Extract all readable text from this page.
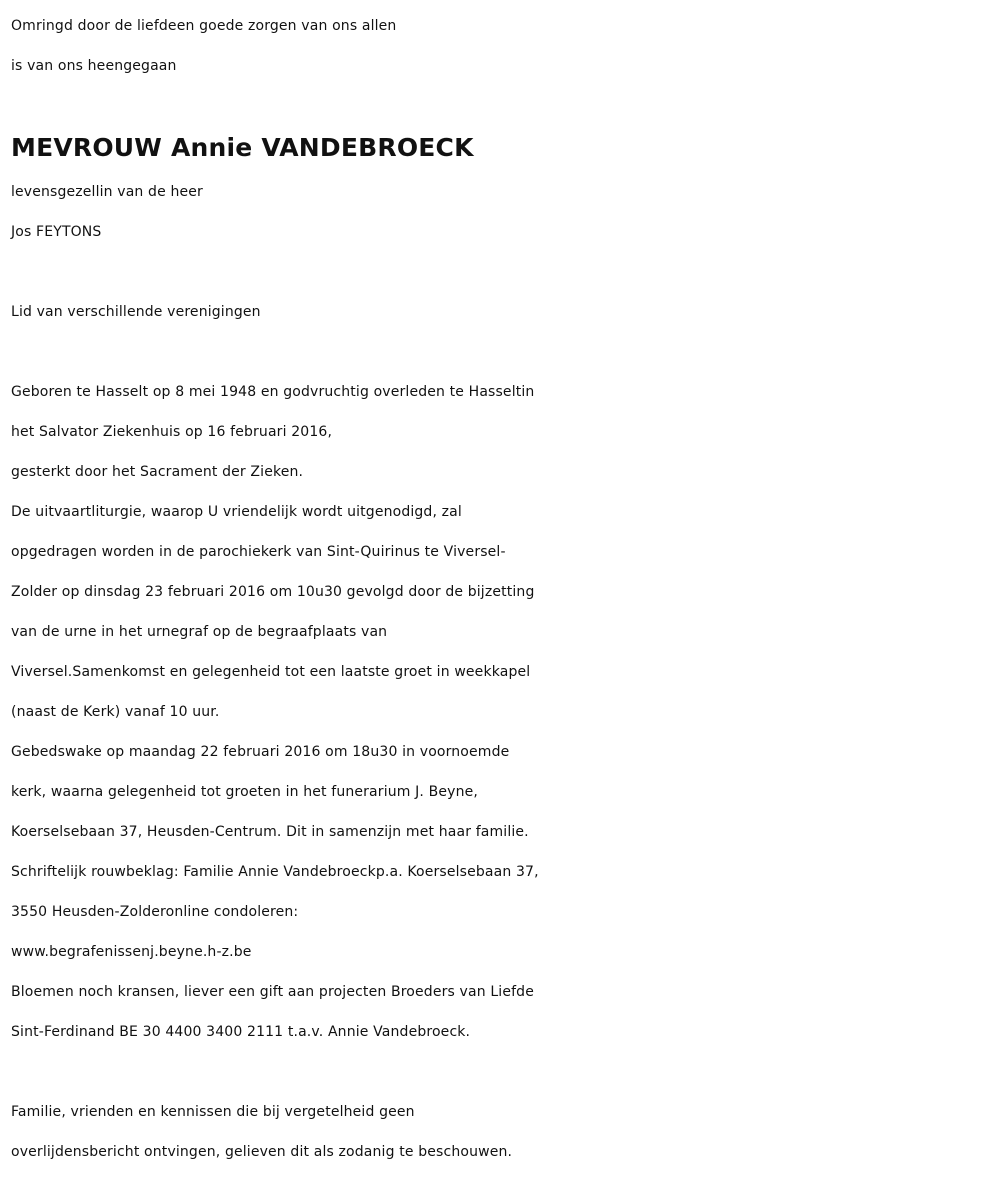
Omringd door de liefdeen goede zorgen van ons allen
is van ons heengegaan
MEVROUW Annie VANDEBROECK
levensgezellin van de heer
Jos FEYTONS
Lid van verschillende verenigingen
Geboren te Hasselt op 8 mei 1948 en godvruchtig overleden te Hasseltin
het Salvator Ziekenhuis op 16 februari 2016,
gesterkt door het Sacrament der Zieken.
De uitvaartliturgie, waarop U vriendelijk wordt uitgenodigd, zal
opgedragen worden in de parochiekerk van Sint-Quirinus te Viversel-
Zolder op dinsdag 23 februari 2016 om 10u30 gevolgd door de bijzetting
van de urne in het urnegraf op de begraafplaats van
Viversel.Samenkomst en gelegenheid tot een laatste groet in weekkapel
(naast de Kerk) vanaf 10 uur.
Gebedswake op maandag 22 februari 2016 om 18u30 in voornoemde
kerk, waarna gelegenheid tot groeten in het funerarium J. Beyne,
Koerselsebaan 37, Heusden-Centrum. Dit in samenzijn met haar familie.
Schriftelijk rouwbeklag: Familie Annie Vandebroeckp.a. Koerselsebaan 37,
3550 Heusden-Zolderonline condoleren:
www.begrafenissenj.beyne.h-z.be
Bloemen noch kransen, liever een gift aan projecten Broeders van Liefde
Sint-Ferdinand BE 30 4400 3400 2111 t.a.v. Annie Vandebroeck.
Familie, vrienden en kennissen die bij vergetelheid geen
overlijdensbericht ontvingen, gelieven dit als zodanig te beschouwen.
